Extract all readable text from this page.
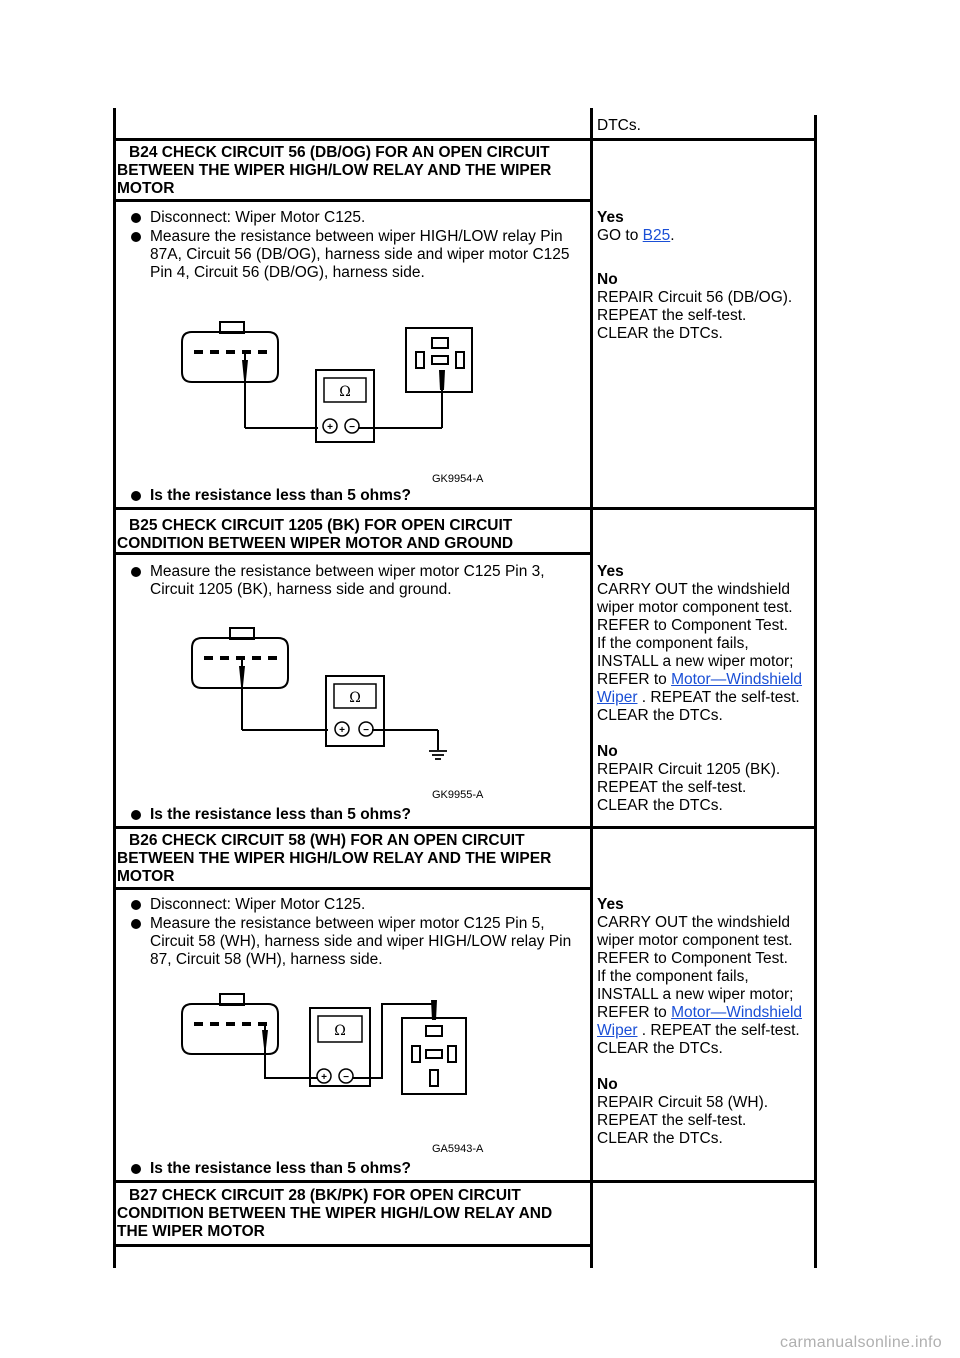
DTCs.
B24 CHECK CIRCUIT 56 (DB/OG) FOR AN OPEN CIRCUIT BETWEEN THE WIPER HIGH/LOW RELAY AND THE WIPER MOTOR
Disconnect: Wiper Motor C125.
Measure the resistance between wiper HIGH/LOW relay Pin 87A, Circuit 56 (DB/OG), harness side and wiper motor C125 Pin 4, Circuit 56 (DB/OG), harness side.
Ω
+ −
GK9954-A
Is the resistance less than 5 ohms?
Yes
GO to B25.
No
REPAIR Circuit 56 (DB/OG).
REPEAT the self-test.
CLEAR the DTCs.
B25 CHECK CIRCUIT 1205 (BK) FOR OPEN CIRCUIT CONDITION BETWEEN WIPER MOTOR AND GROUND
Measure the resistance between wiper motor C125 Pin 3, Circuit 1205 (BK), harness side and ground.
Ω
+ −
GK9955-A
Is the resistance less than 5 ohms?
Yes
CARRY OUT the windshield
wiper motor component test.
REFER to Component Test.
If the component fails,
INSTALL a new wiper motor;
REFER to Motor—Windshield
Wiper . REPEAT the self-test.
CLEAR the DTCs.
No
REPAIR Circuit 1205 (BK).
REPEAT the self-test.
CLEAR the DTCs.
B26 CHECK CIRCUIT 58 (WH) FOR AN OPEN CIRCUIT BETWEEN THE WIPER HIGH/LOW RELAY AND THE WIPER MOTOR
Disconnect: Wiper Motor C125.
Measure the resistance between wiper motor C125 Pin 5, Circuit 58 (WH), harness side and wiper HIGH/LOW relay Pin 87, Circuit 58 (WH), harness side.
Ω
+ −
GA5943-A
Is the resistance less than 5 ohms?
Yes
CARRY OUT the windshield
wiper motor component test.
REFER to Component Test.
If the component fails,
INSTALL a new wiper motor;
REFER to Motor—Windshield
Wiper . REPEAT the self-test.
CLEAR the DTCs.
No
REPAIR Circuit 58 (WH).
REPEAT the self-test.
CLEAR the DTCs.
B27 CHECK CIRCUIT 28 (BK/PK) FOR OPEN CIRCUIT CONDITION BETWEEN THE WIPER HIGH/LOW RELAY AND THE WIPER MOTOR
carmanualsonline.info
